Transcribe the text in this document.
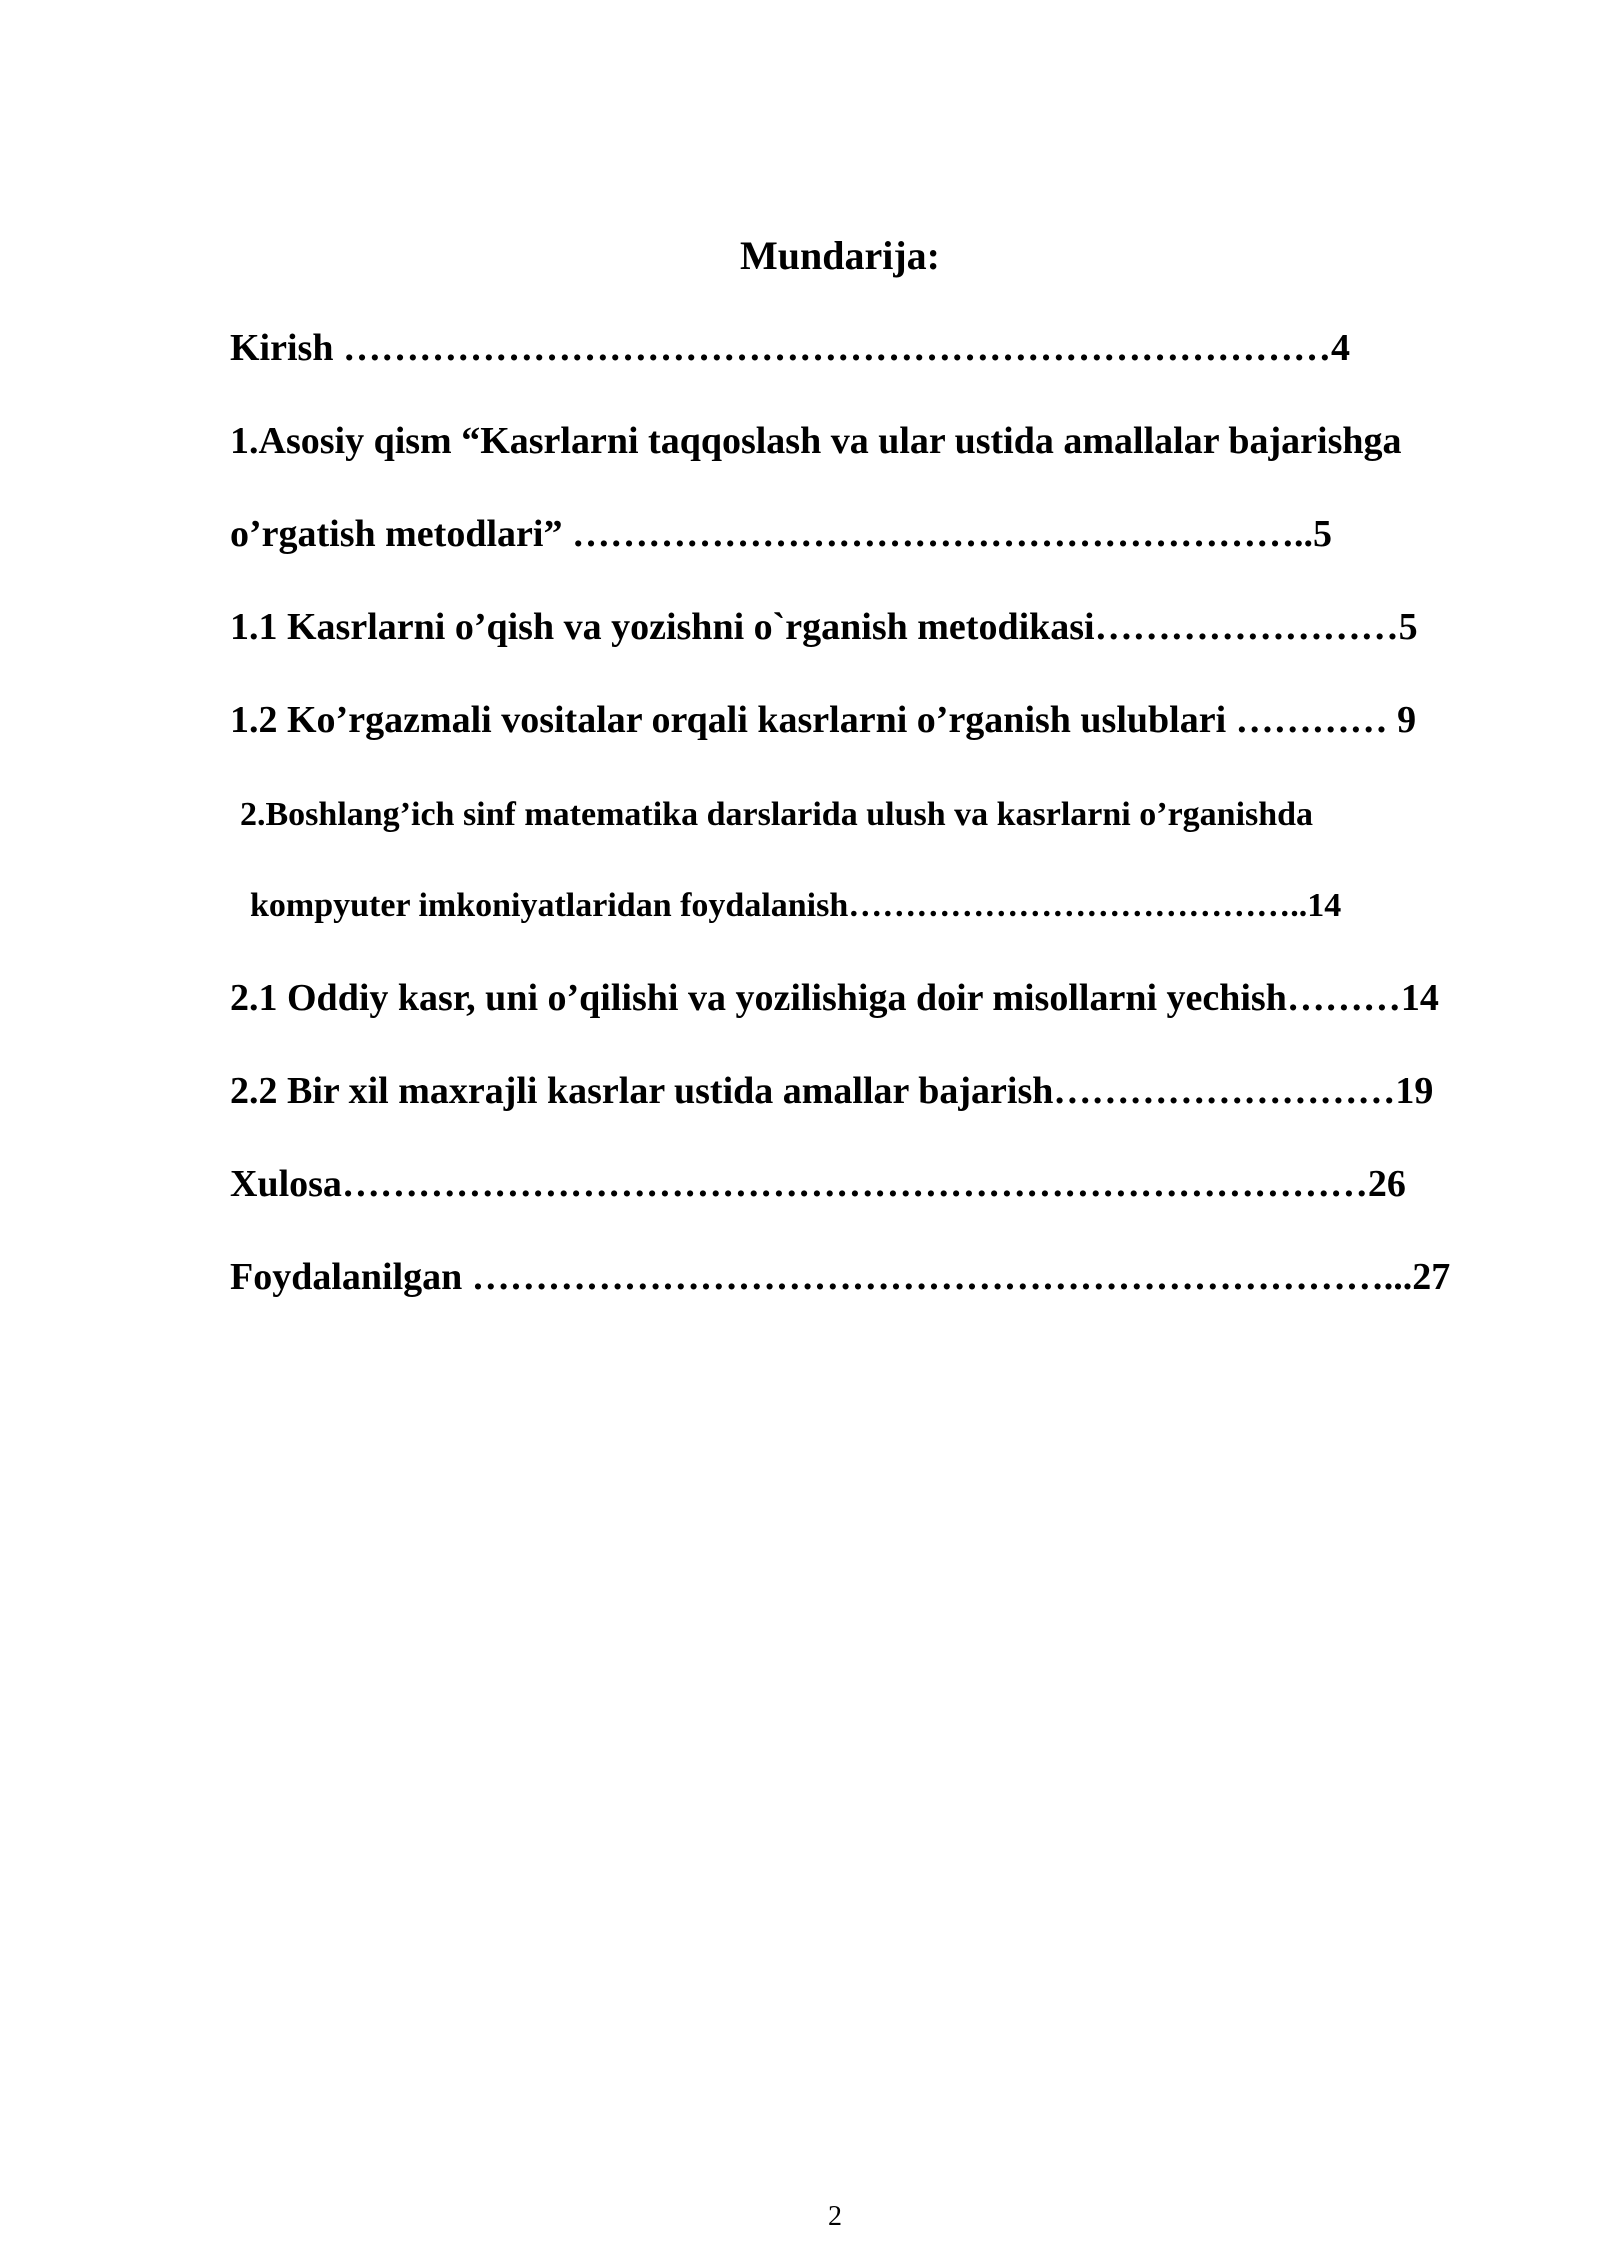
Mundarija:
Kirish ……………………………………………………………………4
1.Asosiy qism “Kasrlarni taqqoslash va ular ustida amallalar bajarishga
o’rgatish metodlari” …………………………………………………..5
1.1 Kasrlarni o’qish va yozishni o`rganish metodikasi……………………5
1.2 Ko’rgazmali vositalar orqali kasrlarni o’rganish uslublari ………… 9
2.Boshlang’ich sinf matematika darslarida ulush va kasrlarni o’rganishda
kompyuter imkoniyatlaridan foydalanish…………………………………..14
2.1 Oddiy kasr, uni o’qilishi va yozilishiga doir misollarni yechish………14
2.2 Bir xil maxrajli kasrlar ustida amallar bajarish………………………19
Xulosa………………………………………………………………………26
Foydalanilgan ………………………………………………………………...27
2
